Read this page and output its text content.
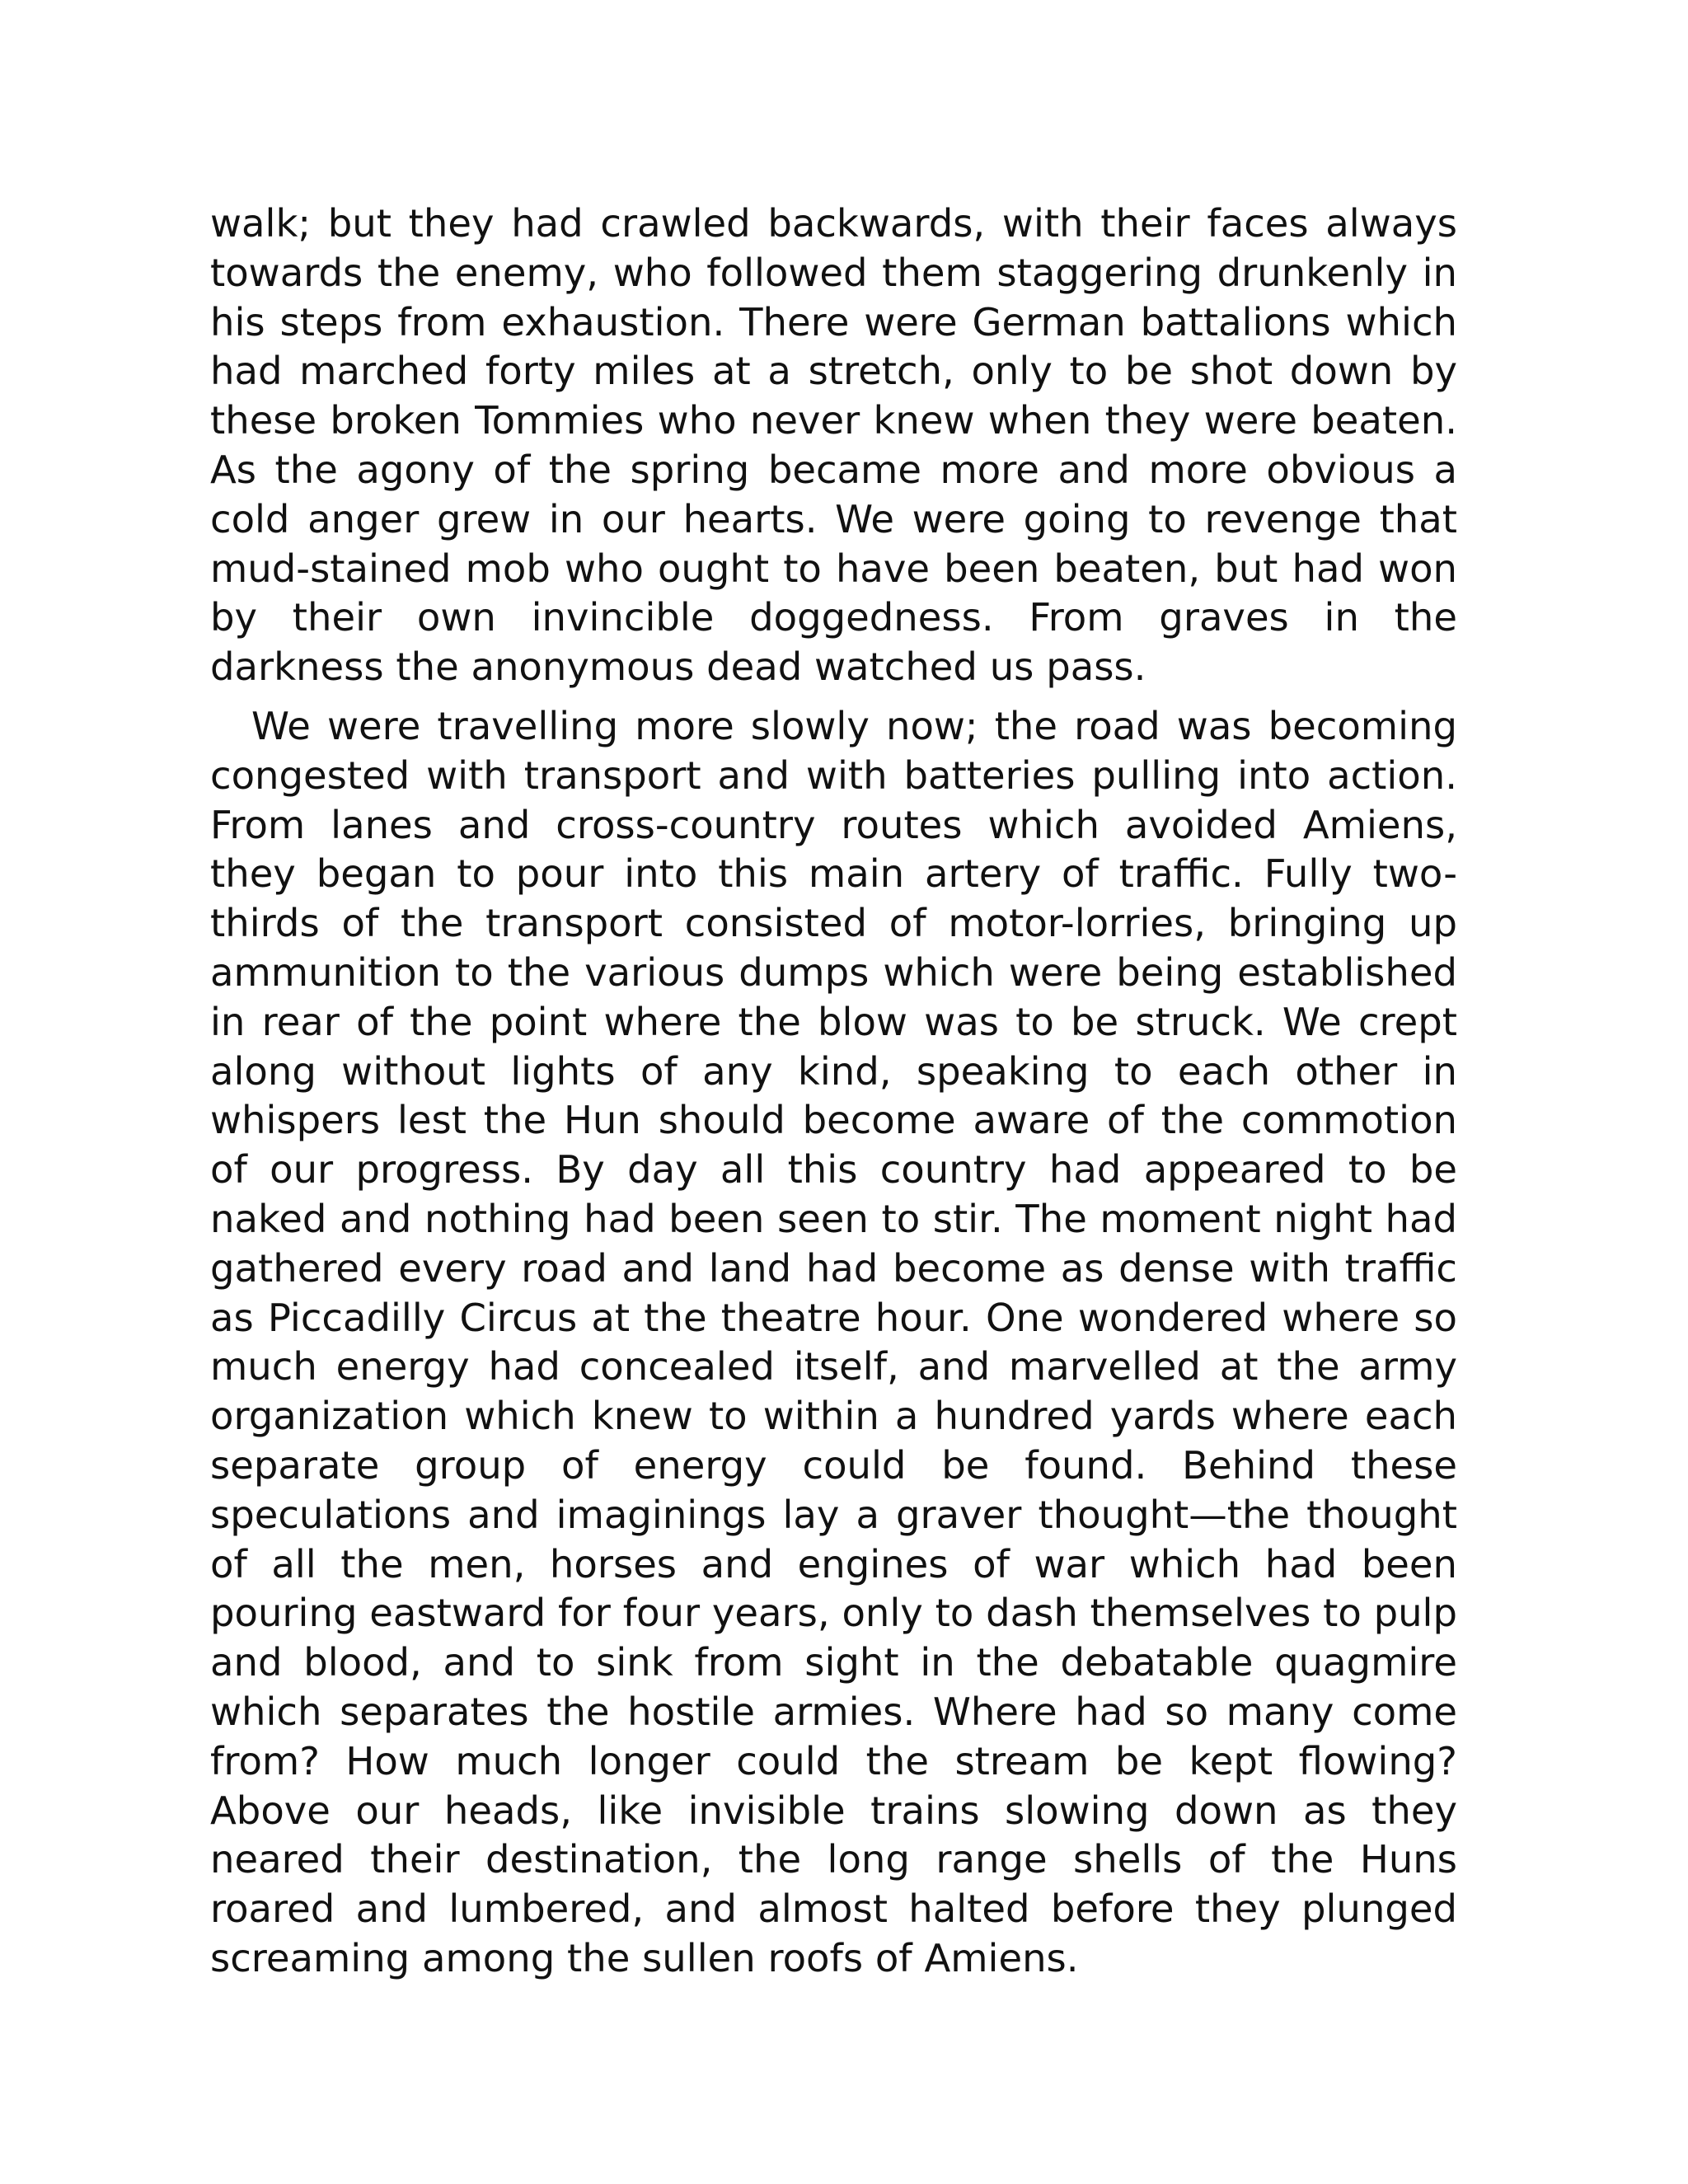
walk; but they had crawled backwards, with their faces always towards the enemy, who followed them staggering drunkenly in his steps from exhaustion. There were German battalions which had marched forty miles at a stretch, only to be shot down by these broken Tommies who never knew when they were beaten. As the agony of the spring became more and more obvious a cold anger grew in our hearts. We were going to revenge that mud-stained mob who ought to have been beaten, but had won by their own invincible doggedness. From graves in the darkness the anonymous dead watched us pass.

We were travelling more slowly now; the road was becoming congested with transport and with batteries pulling into action. From lanes and cross-country routes which avoided Amiens, they began to pour into this main artery of traffic. Fully two-thirds of the transport consisted of motor-lorries, bringing up ammunition to the various dumps which were being established in rear of the point where the blow was to be struck. We crept along without lights of any kind, speaking to each other in whispers lest the Hun should become aware of the commotion of our progress. By day all this country had appeared to be naked and nothing had been seen to stir. The moment night had gathered every road and land had become as dense with traffic as Piccadilly Circus at the theatre hour. One wondered where so much energy had concealed itself, and marvelled at the army organization which knew to within a hundred yards where each separate group of energy could be found. Behind these speculations and imaginings lay a graver thought—the thought of all the men, horses and engines of war which had been pouring eastward for four years, only to dash themselves to pulp and blood, and to sink from sight in the debatable quagmire which separates the hostile armies. Where had so many come from? How much longer could the stream be kept flowing? Above our heads, like invisible trains slowing down as they neared their destination, the long range shells of the Huns roared and lumbered, and almost halted before they plunged screaming among the sullen roofs of Amiens.
